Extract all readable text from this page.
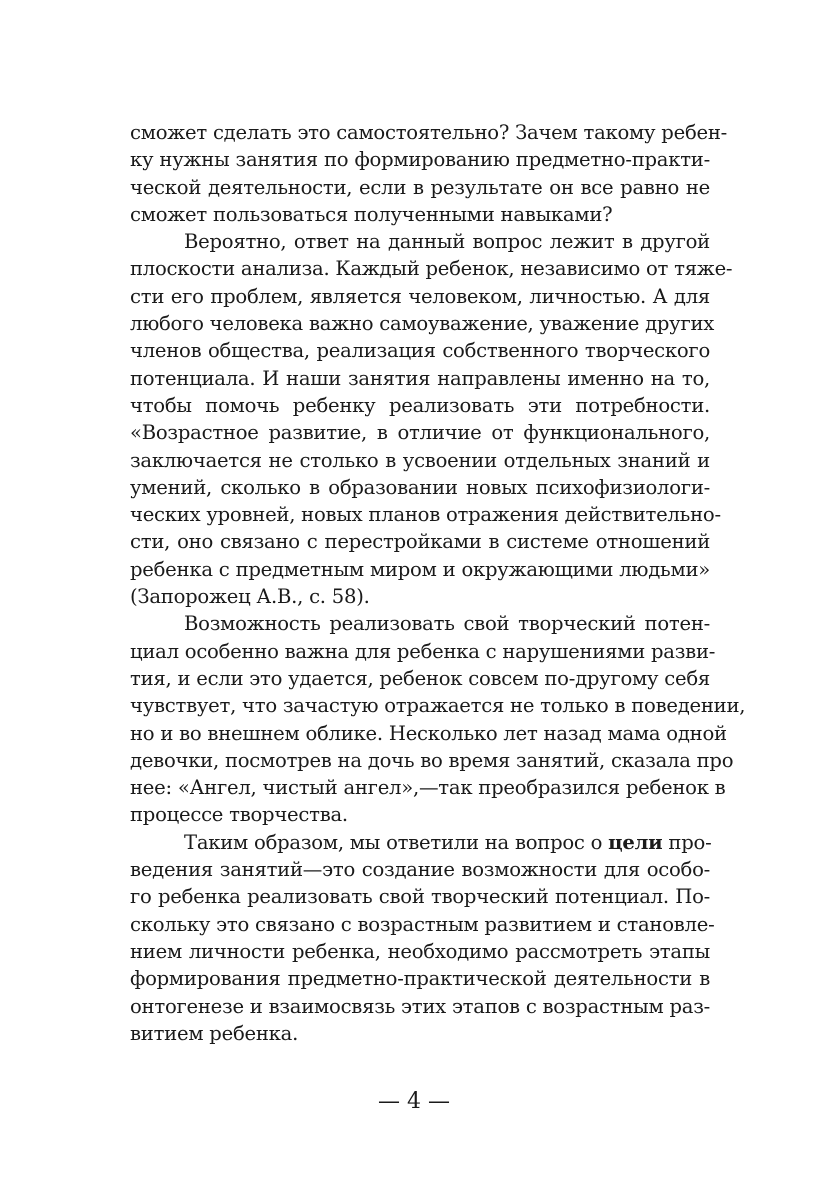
сможет сделать это самостоятельно? Зачем такому ребен-
ку нужны занятия по формированию предметно-практи-
ческой деятельности, если в результате он все равно не
сможет пользоваться полученными навыками?
Вероятно, ответ на данный вопрос лежит в другой
плоскости анализа. Каждый ребенок, независимо от тяже-
сти его проблем, является человеком, личностью. А для
любого человека важно самоуважение, уважение других
членов общества, реализация собственного творческого
потенциала. И наши занятия направлены именно на то,
чтобы помочь ребенку реализовать эти потребности.
«Возрастное развитие, в отличие от функционального,
заключается не столько в усвоении отдельных знаний и
умений, сколько в образовании новых психофизиологи-
ческих уровней, новых планов отражения действительно-
сти, оно связано с перестройками в системе отношений
ребенка с предметным миром и окружающими людьми»
(Запорожец А.В., с. 58).
Возможность реализовать свой творческий потен-
циал особенно важна для ребенка с нарушениями разви-
тия, и если это удается, ребенок совсем по-другому себя
чувствует, что зачастую отражается не только в поведении,
но и во внешнем облике. Несколько лет назад мама одной
девочки, посмотрев на дочь во время занятий, сказала про
нее: «Ангел, чистый ангел»,—так преобразился ребенок в
процессе творчества.
Таким образом, мы ответили на вопрос о цели про-
ведения занятий—это создание возможности для особо-
го ребенка реализовать свой творческий потенциал. По-
скольку это связано с возрастным развитием и становле-
нием личности ребенка, необходимо рассмотреть этапы
формирования предметно-практической деятельности в
онтогенезе и взаимосвязь этих этапов с возрастным раз-
витием ребенка.
— 4 —
